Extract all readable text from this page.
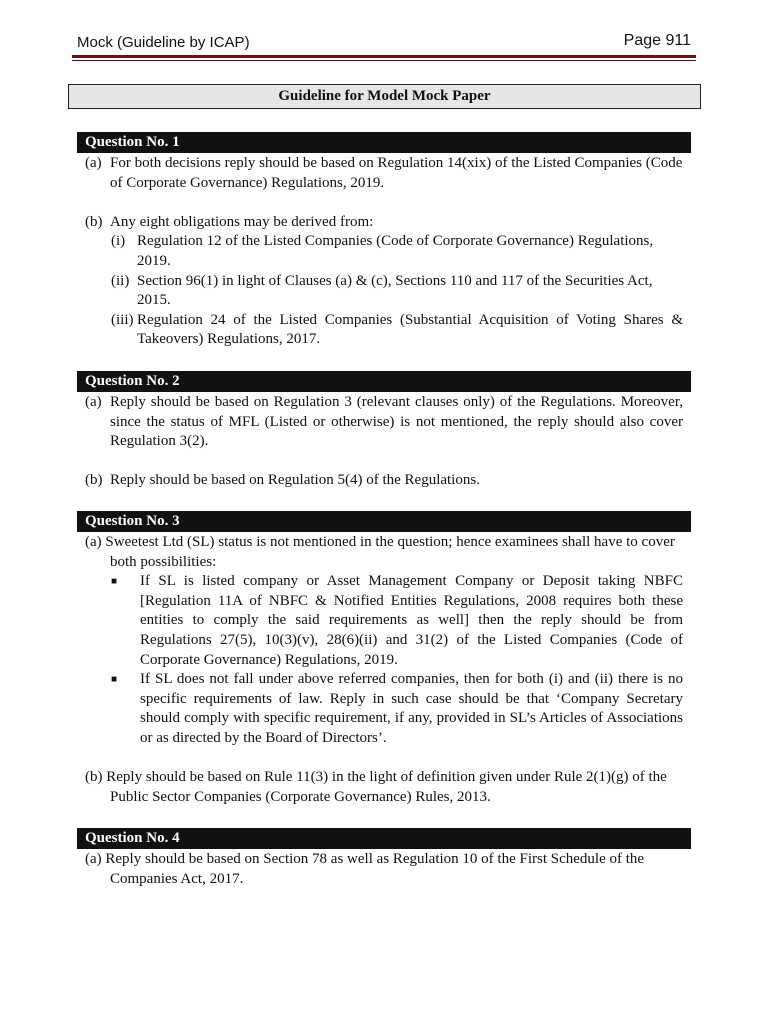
Mock (Guideline by ICAP)	Page 911
Guideline for Model Mock Paper
Question No. 1
(a) For both decisions reply should be based on Regulation 14(xix) of the Listed Companies (Code of Corporate Governance) Regulations, 2019.
(b) Any eight obligations may be derived from:
(i) Regulation 12 of the Listed Companies (Code of Corporate Governance) Regulations, 2019.
(ii) Section 96(1) in light of Clauses (a) & (c), Sections 110 and 117 of the Securities Act, 2015.
(iii) Regulation 24 of the Listed Companies (Substantial Acquisition of Voting Shares & Takeovers) Regulations, 2017.
Question No. 2
(a) Reply should be based on Regulation 3 (relevant clauses only) of the Regulations. Moreover, since the status of MFL (Listed or otherwise) is not mentioned, the reply should also cover Regulation 3(2).
(b) Reply should be based on Regulation 5(4) of the Regulations.
Question No. 3
(a) Sweetest Ltd (SL) status is not mentioned in the question; hence examinees shall have to cover both possibilities:
■	If SL is listed company or Asset Management Company or Deposit taking NBFC [Regulation 11A of NBFC & Notified Entities Regulations, 2008 requires both these entities to comply the said requirements as well] then the reply should be from Regulations 27(5), 10(3)(v), 28(6)(ii) and 31(2) of the Listed Companies (Code of Corporate Governance) Regulations, 2019.
■	If SL does not fall under above referred companies, then for both (i) and (ii) there is no specific requirements of law. Reply in such case should be that ‘Company Secretary should comply with specific requirement, if any, provided in SL’s Articles of Associations or as directed by the Board of Directors’.
(b) Reply should be based on Rule 11(3) in the light of definition given under Rule 2(1)(g) of the Public Sector Companies (Corporate Governance) Rules, 2013.
Question No. 4
(a) Reply should be based on Section 78 as well as Regulation 10 of the First Schedule of the Companies Act, 2017.
